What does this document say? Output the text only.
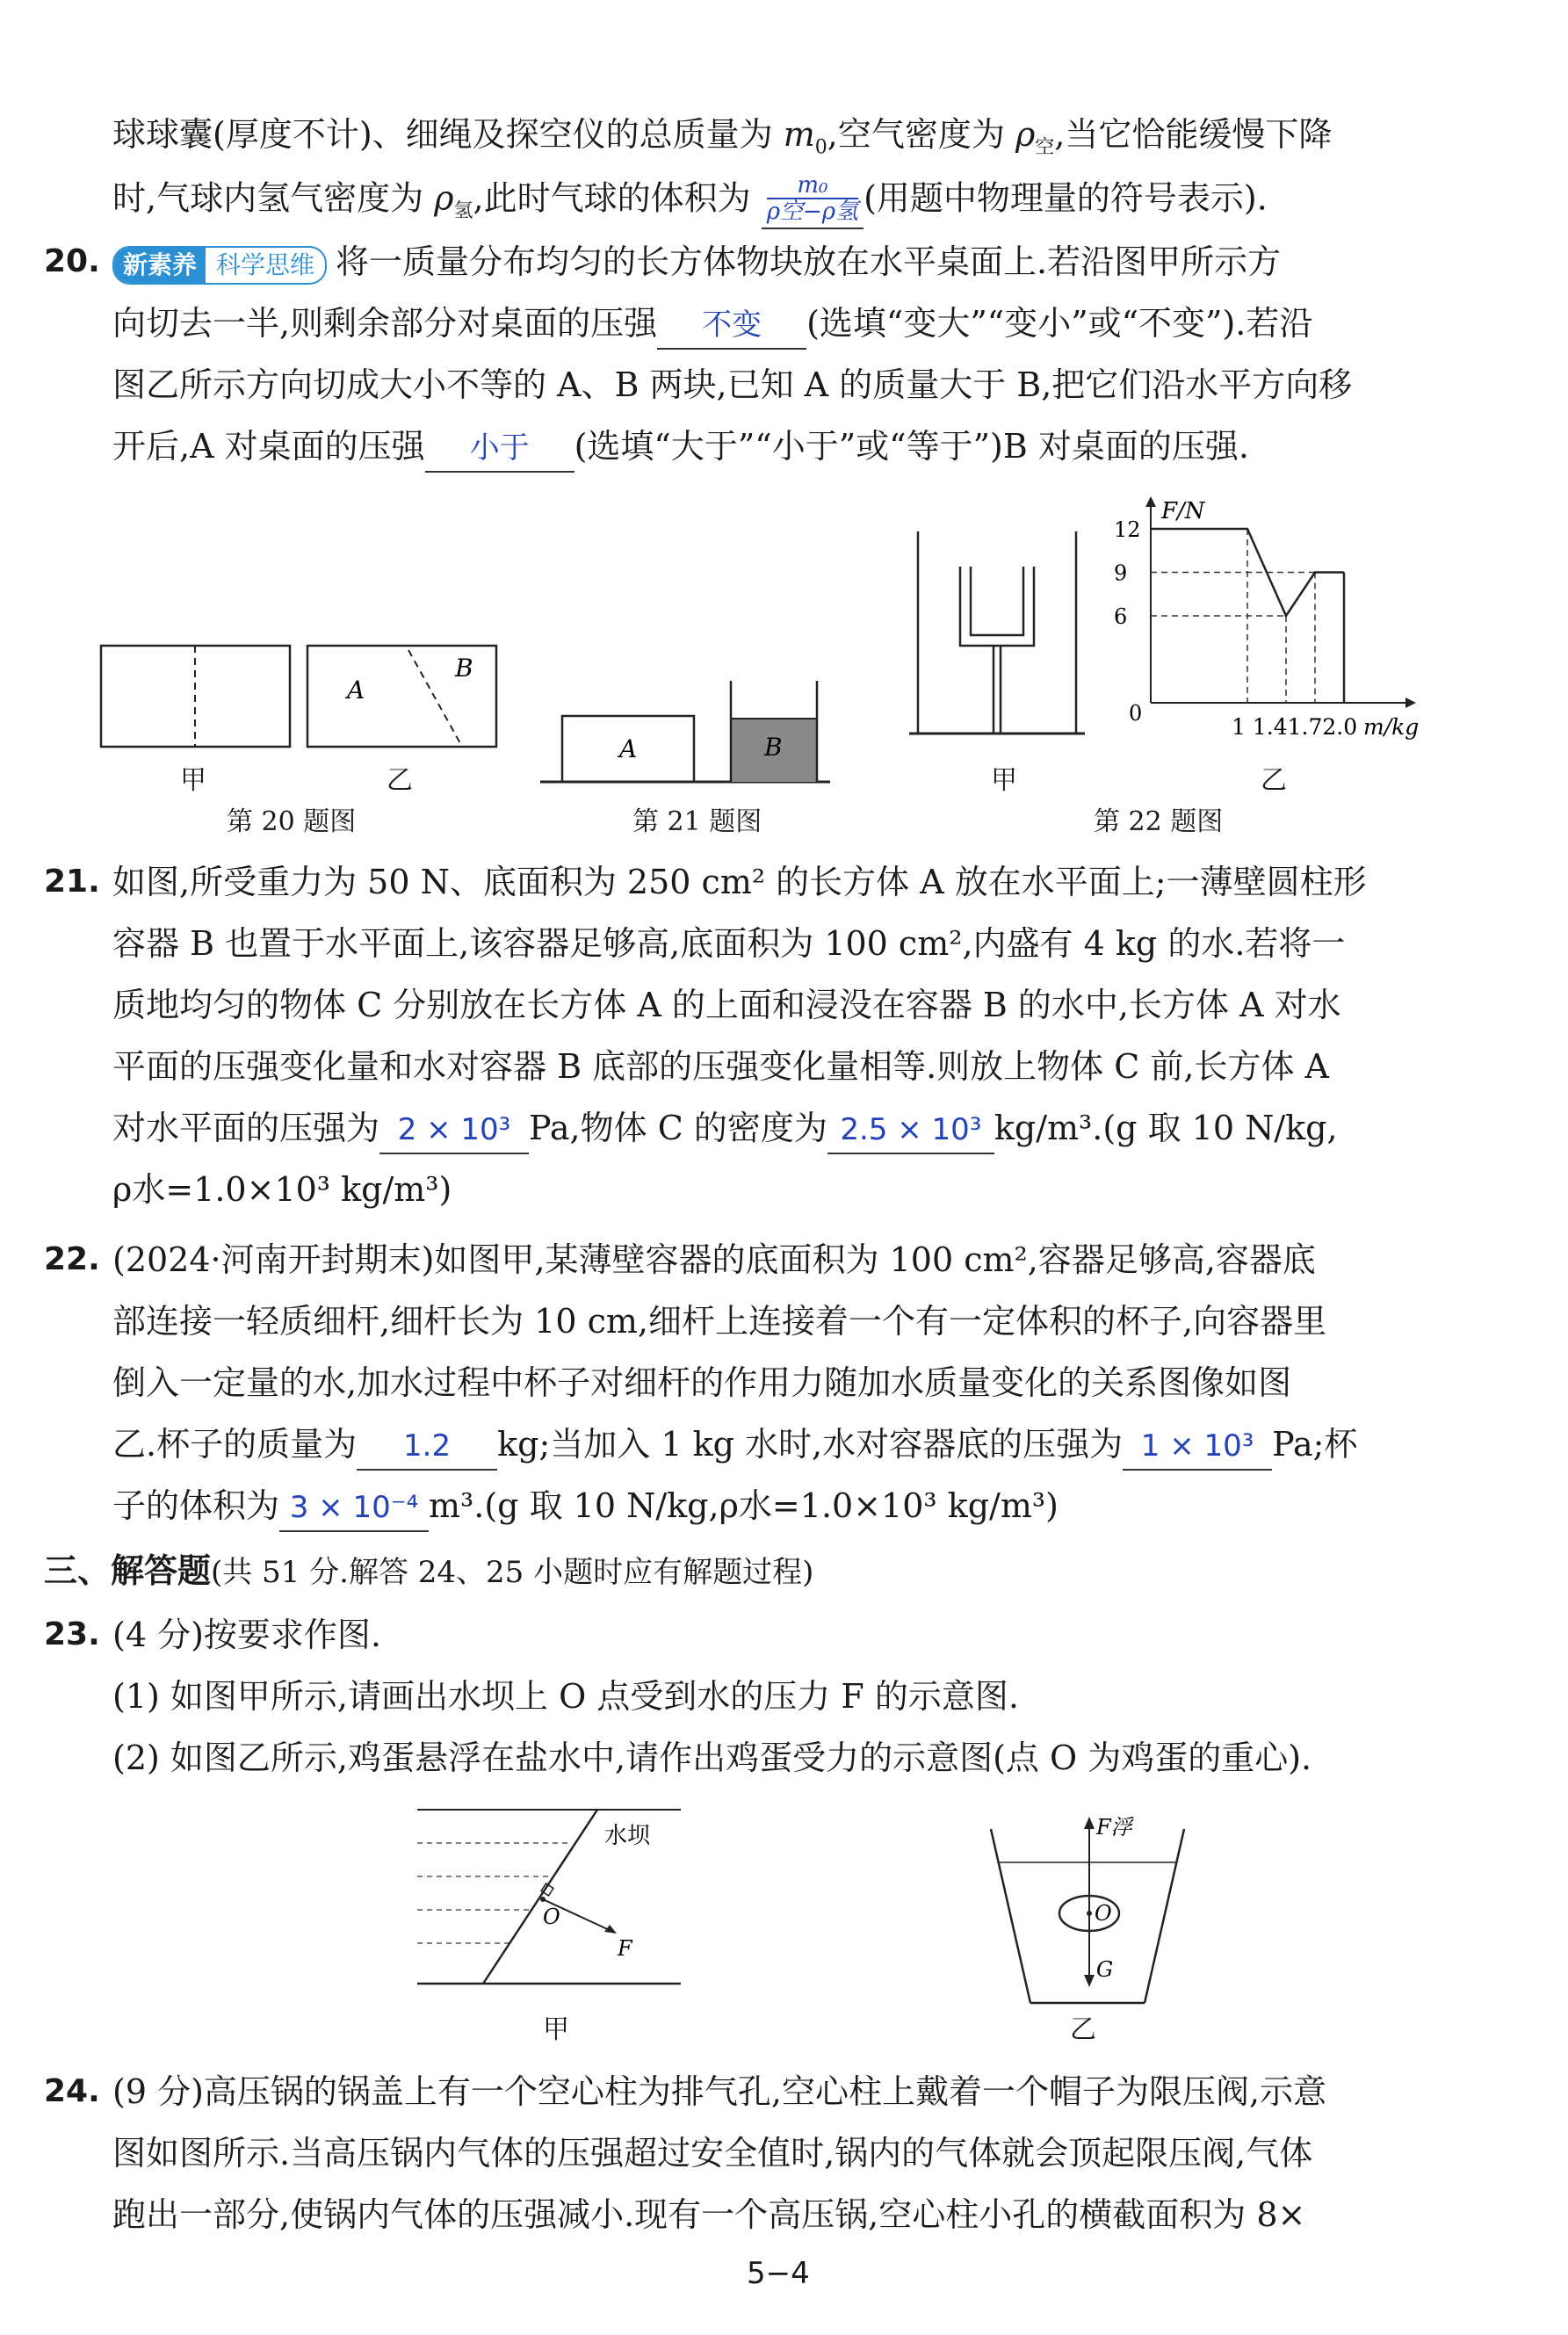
球球囊(厚度不计)、细绳及探空仪的总质量为 $m_0$,空气密度为 $\rho_空$,当它恰能缓慢下降
时,气球内氢气密度为 $\rho_氢$,此时气球的体积为 $\frac{\text{m₀}}{\text{ρ空−ρ氢}}$ (用题中物理量的符号表示).
20. 新素养 科学思维 将一质量分布均匀的长方体物块放在水平桌面上.若沿图甲所示方
向切去一半,则剩余部分对桌面的压强 不变 (选填“变大”“变小”或“不变”).若沿
图乙所示方向切成大小不等的 A、B 两块,已知 A 的质量大于 B,把它们沿水平方向移
开后,A 对桌面的压强 小于 (选填“大于”“小于”或“等于”)B 对桌面的压强.
A
B
甲	乙
第 20 题图
A	B
第 21 题图
甲
F/N
0
6
9
12
1 1.41.72.0 m/kg
乙
第 22 题图
21. 如图,所受重力为 50 N、底面积为 250 cm² 的长方体 A 放在水平面上;一薄壁圆柱形
容器 B 也置于水平面上,该容器足够高,底面积为 100 cm²,内盛有 4 kg 的水.若将一
质地均匀的物体 C 分别放在长方体 A 的上面和浸没在容器 B 的水中,长方体 A 对水
平面的压强变化量和水对容器 B 底部的压强变化量相等.则放上物体 C 前,长方体 A
对水平面的压强为 2 × 10³ Pa,物体 C 的密度为 2.5 × 10³ kg/m³.(g 取 10 N/kg,
ρ水=1.0×10³ kg/m³)
22. (2024·河南开封期末)如图甲,某薄壁容器的底面积为 100 cm²,容器足够高,容器底
部连接一轻质细杆,细杆长为 10 cm,细杆上连接着一个有一定体积的杯子,向容器里
倒入一定量的水,加水过程中杯子对细杆的作用力随加水质量变化的关系图像如图
乙.杯子的质量为 1.2 kg;当加入 1 kg 水时,水对容器底的压强为 1 × 10³ Pa;杯
子的体积为 3 × 10⁻⁴ m³.(g 取 10 N/kg,ρ水=1.0×10³ kg/m³)
三、解答题(共 51 分.解答 24、25 小题时应有解题过程)
23. (4 分)按要求作图.
(1) 如图甲所示,请画出水坝上 O 点受到水的压力 F 的示意图.
(2) 如图乙所示,鸡蛋悬浮在盐水中,请作出鸡蛋受力的示意图(点 O 为鸡蛋的重心).
水坝
O
F
甲
F浮
O
G
乙
24. (9 分)高压锅的锅盖上有一个空心柱为排气孔,空心柱上戴着一个帽子为限压阀,示意
图如图所示.当高压锅内气体的压强超过安全值时,锅内的气体就会顶起限压阀,气体
跑出一部分,使锅内气体的压强减小.现有一个高压锅,空心柱小孔的横截面积为 8×
5−4
